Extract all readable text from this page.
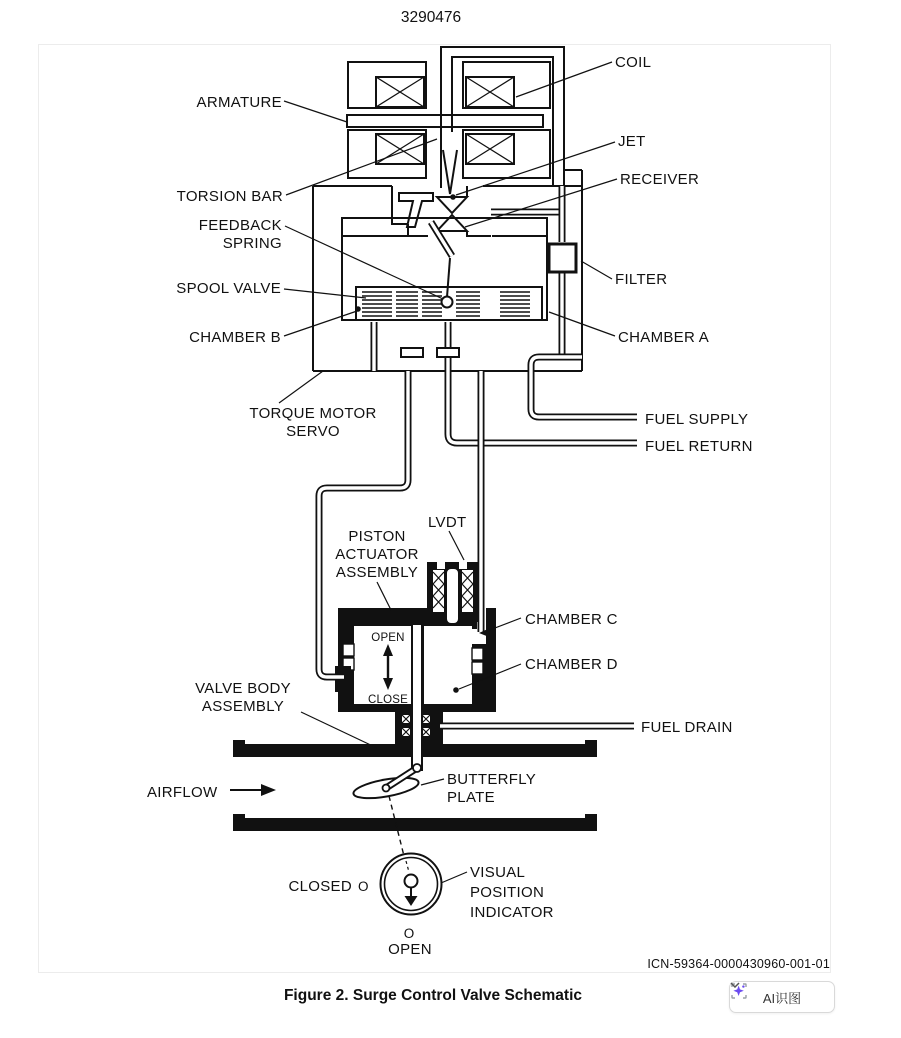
3290476
ARMATURE
COIL
JET
RECEIVER
TORSION BAR
FEEDBACK
SPRING
SPOOL VALVE
FILTER
CHAMBER B	CHAMBER A
TORQUE MOTOR
SERVO
FUEL SUPPLY
FUEL RETURN
LVDT
PISTON
ACTUATOR
ASSEMBLY
CHAMBER C
CHAMBER D
VALVE BODY
ASSEMBLY
FUEL DRAIN
AIRFLOW
BUTTERFLY
PLATE
OPEN
CLOSE
CLOSED O
O
OPEN
VISUAL
POSITION
INDICATOR
ICN-59364-0000430960-001-01
Figure 2. Surge Control Valve Schematic	AI识图
